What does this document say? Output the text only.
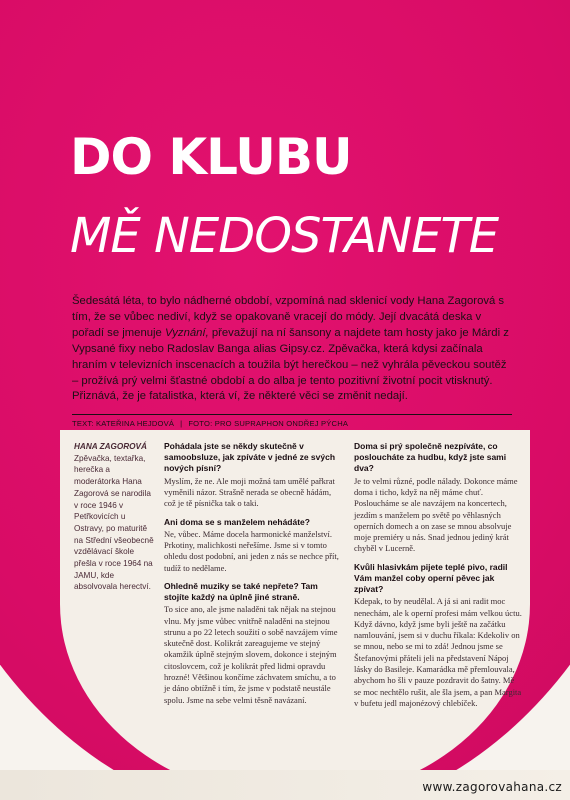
DO KLUBU
MĚ NEDOSTANETE

Šedesátá léta, to bylo nádherné období, vzpomíná nad sklenicí vody Hana Zagorová s tím, že se vůbec nediví, když se opakovaně vracejí do módy. Její dvacátá deska v pořadí se jmenuje Vyznání, převažují na ní šansony a najdete tam hosty jako je Márdi z Vypsané fixy nebo Radoslav Banga alias Gipsy.cz. Zpěvačka, která kdysi začínala hraním v televizních inscenacích a toužila být herečkou – než vyhrála pěveckou soutěž – prožívá prý velmi šťastné období a do alba je tento pozitivní životní pocit vtisknutý. Přiznává, že je fatalistka, která ví, že některé věci se změnit nedají.

TEXT: KATEŘINA HEJDOVÁ | FOTO: PRO SUPRAPHON ONDŘEJ PÝCHA
HANA ZAGOROVÁ
Zpěvačka, textařka, herečka a moderátorka Hana Zagorová se narodila v roce 1946 v Petřkovicích u Ostravy, po maturitě na Střední všeobecně vzdělávací škole přešla v roce 1964 na JAMU, kde absolvovala herectví.
Pohádala jste se někdy skutečně v samoobsluze, jak zpíváte v jedné ze svých nových písní?
Myslím, že ne. Ale moji možná tam umělé pařkrat vyměnili názor. Strašně nerada se obecně hádám, což je tě písnička tak o taki.
Ani doma se s manželem nehádáte?
Ne, vůbec. Máme docela harmonické manželství. Prkotiny, malichkosti neřešíme. Jsme si v tomto ohledu dost podobní, ani jeden z nás se nechce přít, tudíž to nedělame.
Ohledně muziky se také nepřete? Tam stojíte každý na úplně jiné straně.
To sice ano, ale jsme naladěni tak nějak na stejnou vlnu. My jsme vůbec vnitřně naladěni na stejnou strunu a po 22 letech soužití o sobě navzájem víme skutečně dost. Kolikrát zareagujeme ve stejný okamžik úplně stejným slovem, dokonce i stejným citoslovcem, což je kolikrát před lidmi opravdu hrozné! Většinou končíme záchvatem smíchu, a to je dáno obtížně i tím, že jsme v podstatě neustále spolu. Jsme na sebe velmi těsně navázaní.
Doma si prý společně nezpíváte, co posloucháte za hudbu, když jste sami dva?
Je to velmi různé, podle nálady. Dokonce máme doma i ticho, když na něj máme chuť. Posloucháme se ale navzájem na koncertech, jezdím s manželem po světě po věhlasných operních domech a on zase se mnou absolvuje moje premiéry u nás. Snad jednou jediný krát chyběl v Lucerně.
Kvůli hlasivkám pijete teplé pivo, radil Vám manžel coby operní pěvec jak zpívat?
Kdepak, to by neudělal. A já si ani radit moc nenechám, ale k operní profesi mám velkou úctu. Když dávno, když jsme byli ještě na začátku namlouvání, jsem si v duchu říkala: Kdekoliv on se mnou, nebo se mi to zdá! Jednou jsme se Štefanovými přáteli jeli na představení Nápoj lásky do Basileje. Kamarádka mě přemlouvala, abychom ho šli v pauze pozdravit do šatny. Mě se moc nechtělo rušit, ale šla jsem, a pan Margita v bufetu jedl majonézový chlebíček.
www.zagorovahana.cz
